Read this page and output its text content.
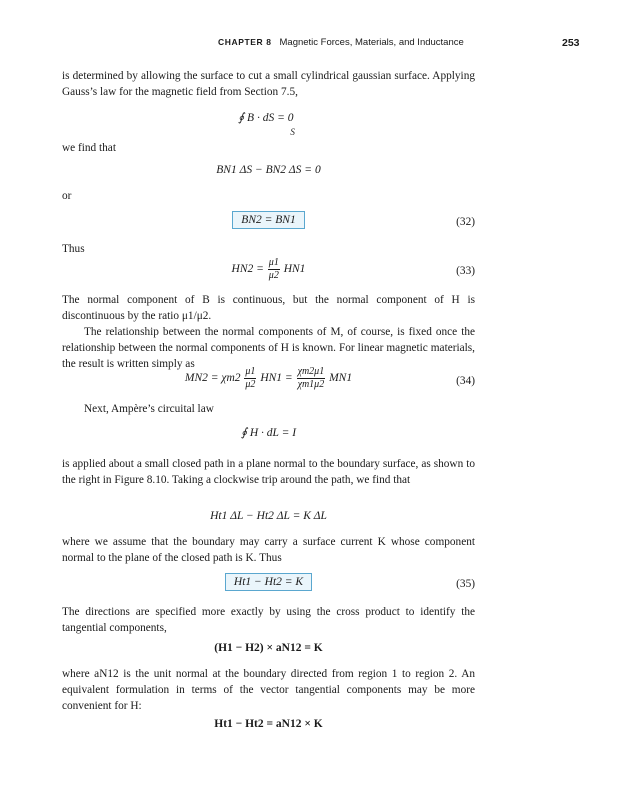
CHAPTER 8 Magnetic Forces, Materials, and Inductance	253

is determined by allowing the surface to cut a small cylindrical gaussian surface. Applying Gauss’s law for the magnetic field from Section 7.5,

∮ B · dS = 0 $_S$

we find that

BN1 ΔS − BN2 ΔS = 0

or

BN2 = BN1	(32)

Thus

$HN2 = \frac{\mu 1}{\mu 2} HN1$	(33)

The normal component of B is continuous, but the normal component of H is discontinuous by the ratio μ1/μ2.

The relationship between the normal components of M, of course, is fixed once the relationship between the normal components of H is known. For linear magnetic materials, the result is written simply as

$MN2 = \chi m2 \frac{\mu 1}{\mu 2} HN1 = \frac{\chi m2\mu 1}{\chi m1\mu 2} MN1$	(34)

Next, Ampère’s circuital law

∮ H · dL = I

is applied about a small closed path in a plane normal to the boundary surface, as shown to the right in Figure 8.10. Taking a clockwise trip around the path, we find that

Ht1 ΔL − Ht2 ΔL = K ΔL

where we assume that the boundary may carry a surface current K whose component normal to the plane of the closed path is K. Thus

Ht1 − Ht2 = K	(35)

The directions are specified more exactly by using the cross product to identify the tangential components,

(H1 − H2) × aN12 = K

where aN12 is the unit normal at the boundary directed from region 1 to region 2. An equivalent formulation in terms of the vector tangential components may be more convenient for H:

Ht1 − Ht2 = aN12 × K
